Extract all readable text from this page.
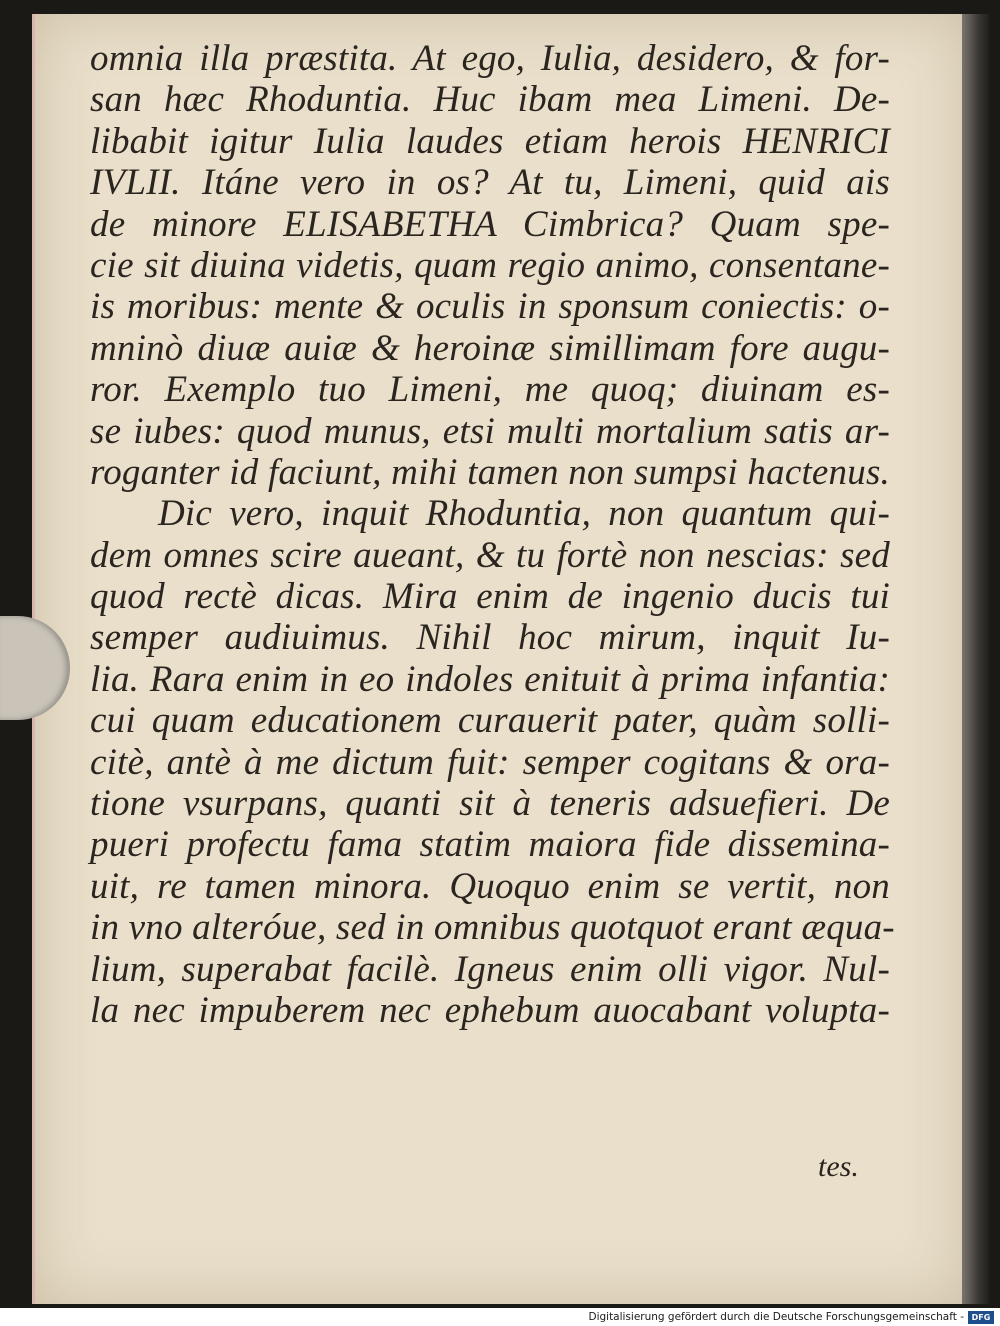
omnia illa præstita. At ego, Iulia, desidero, & for-
san hæc Rhoduntia. Huc ibam mea Limeni. De-
libabit igitur Iulia laudes etiam herois HENRICI
IVLII. Itáne vero in os? At tu, Limeni, quid ais
de minore ELISABETHA Cimbrica? Quam spe-
cie sit diuina videtis, quam regio animo, consentane-
is moribus: mente & oculis in sponsum coniectis: o-
mninò diuæ auiæ & heroinæ simillimam fore augu-
ror. Exemplo tuo Limeni, me quoq; diuinam es-
se iubes: quod munus, etsi multi mortalium satis ar-
roganter id faciunt, mihi tamen non sumpsi hactenus.
Dic vero, inquit Rhoduntia, non quantum qui-
dem omnes scire aueant, & tu fortè non nescias: sed
quod rectè dicas. Mira enim de ingenio ducis tui
semper audiuimus. Nihil hoc mirum, inquit Iu-
lia. Rara enim in eo indoles enituit à prima infantia:
cui quam educationem curauerit pater, quàm solli-
citè, antè à me dictum fuit: semper cogitans & ora-
tione vsurpans, quanti sit à teneris adsuefieri. De
pueri profectu fama statim maiora fide dissemina-
uit, re tamen minora. Quoquo enim se vertit, non
in vno alteróue, sed in omnibus quotquot erant æqua-
lium, superabat facilè. Igneus enim olli vigor. Nul-
la nec impuberem nec ephebum auocabant volupta-
tes.
Digitalisierung gefördert durch die Deutsche Forschungsgemeinschaft - DFG
